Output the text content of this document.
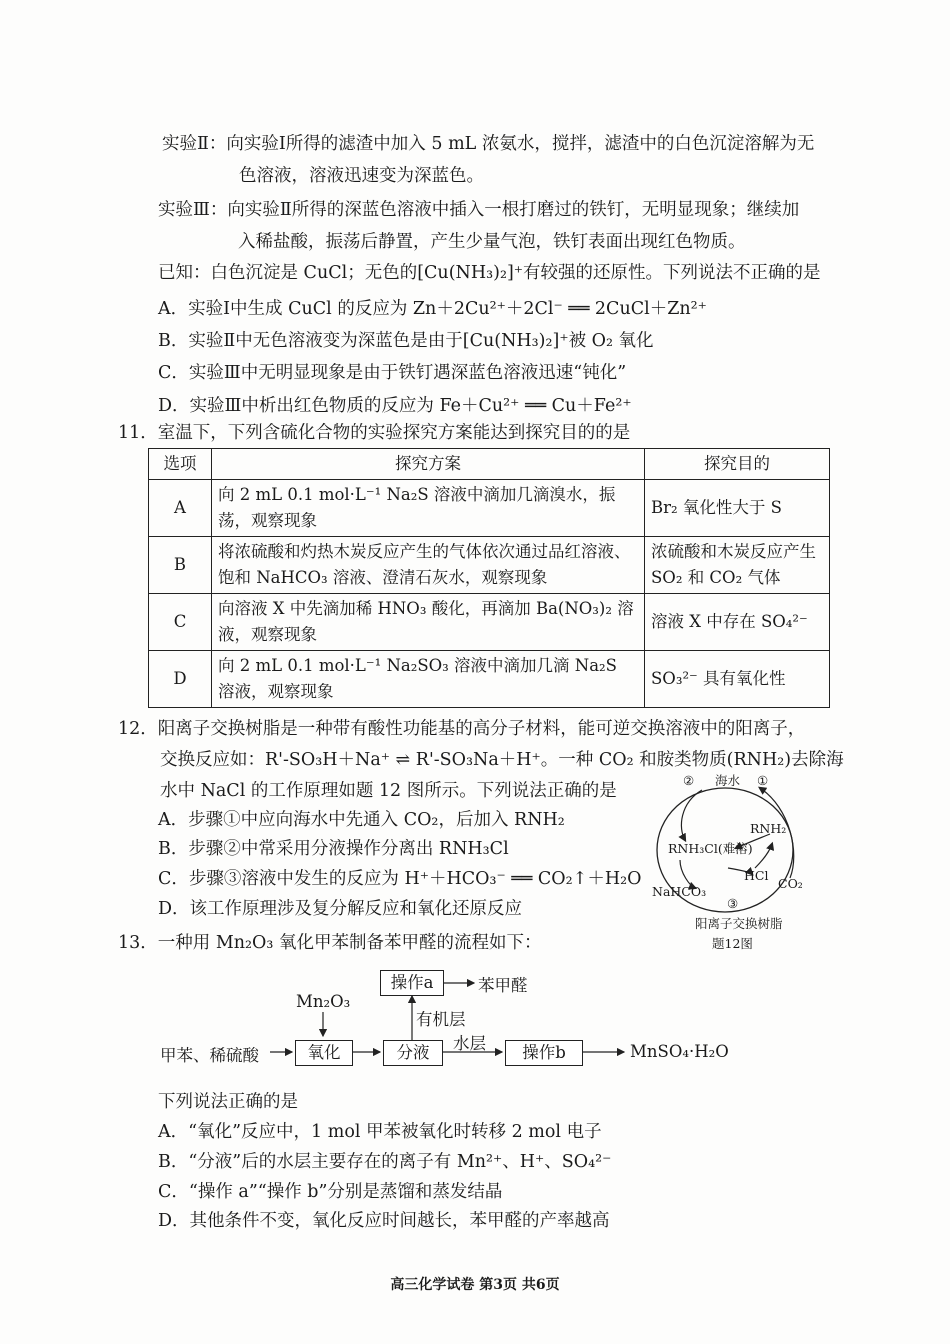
实验Ⅱ：向实验Ⅰ所得的滤渣中加入 5 mL 浓氨水，搅拌，滤渣中的白色沉淀溶解为无
色溶液，溶液迅速变为深蓝色。
实验Ⅲ：向实验Ⅱ所得的深蓝色溶液中插入一根打磨过的铁钉，无明显现象；继续加
入稀盐酸，振荡后静置，产生少量气泡，铁钉表面出现红色物质。
已知：白色沉淀是 CuCl；无色的[Cu(NH₃)₂]⁺有较强的还原性。下列说法不正确的是
A．实验Ⅰ中生成 CuCl 的反应为 Zn＋2Cu²⁺＋2Cl⁻ ══ 2CuCl＋Zn²⁺
B．实验Ⅱ中无色溶液变为深蓝色是由于[Cu(NH₃)₂]⁺被 O₂ 氧化
C．实验Ⅲ中无明显现象是由于铁钉遇深蓝色溶液迅速“钝化”
D．实验Ⅲ中析出红色物质的反应为 Fe＋Cu²⁺ ══ Cu＋Fe²⁺
11．室温下，下列含硫化合物的实验探究方案能达到探究目的的是
选项	探究方案	探究目的
A	向 2 mL 0.1 mol·L⁻¹ Na₂S 溶液中滴加几滴溴水，振荡，观察现象	Br₂ 氧化性大于 S
B	将浓硫酸和灼热木炭反应产生的气体依次通过品红溶液、饱和 NaHCO₃ 溶液、澄清石灰水，观察现象	浓硫酸和木炭反应产生 SO₂ 和 CO₂ 气体
C	向溶液 X 中先滴加稀 HNO₃ 酸化，再滴加 Ba(NO₃)₂ 溶液，观察现象	溶液 X 中存在 SO₄²⁻
D	向 2 mL 0.1 mol·L⁻¹ Na₂SO₃ 溶液中滴加几滴 Na₂S 溶液，观察现象	SO₃²⁻ 具有氧化性
12．阳离子交换树脂是一种带有酸性功能基的高分子材料，能可逆交换溶液中的阳离子，
交换反应如：R'-SO₃H＋Na⁺ ⇌ R'-SO₃Na＋H⁺。一种 CO₂ 和胺类物质(RNH₂)去除海
水中 NaCl 的工作原理如题 12 图所示。下列说法正确的是
A．步骤①中应向海水中先通入 CO₂，后加入 RNH₂
B．步骤②中常采用分液操作分离出 RNH₃Cl
C．步骤③溶液中发生的反应为 H⁺＋HCO₃⁻ ══ CO₂↑＋H₂O
D．该工作原理涉及复分解反应和氧化还原反应
② 海水 ①
RNH₂
RNH₃Cl(难溶)
HCl
NaHCO₃
CO₂
③
阳离子交换树脂
题12图
13．一种用 Mn₂O₃ 氧化甲苯制备苯甲醛的流程如下：
Mn₂O₃
甲苯、稀硫酸	氧化	分液
操作a	苯甲醛
有机层
水层	操作b	MnSO₄·H₂O
下列说法正确的是
A．“氧化”反应中，1 mol 甲苯被氧化时转移 2 mol 电子
B．“分液”后的水层主要存在的离子有 Mn²⁺、H⁺、SO₄²⁻
C．“操作 a”“操作 b”分别是蒸馏和蒸发结晶
D．其他条件不变，氧化反应时间越长，苯甲醛的产率越高
高三化学试卷 第3页 共6页
